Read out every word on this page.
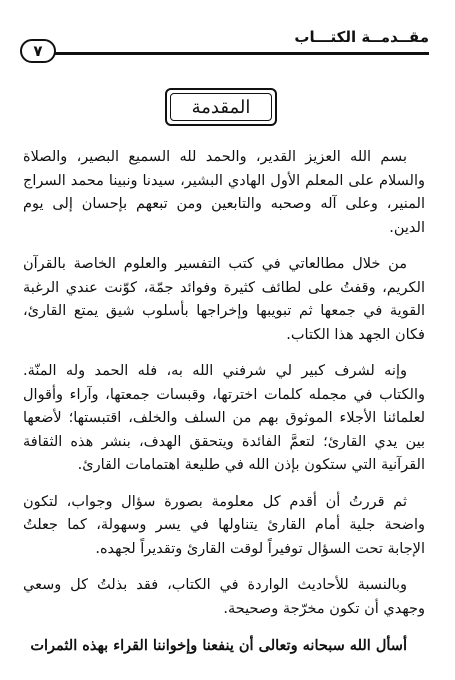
مقــدمــة الكتـــاب
٧
المقدمة

بسم الله العزيز القدير، والحمد لله السميع البصير، والصلاة والسلام على المعلم الأول الهادي البشير، سيدنا ونبينا محمد السراج المنير، وعلى آله وصحبه والتابعين ومن تبعهم بإحسان إلى يوم الدين.

من خلال مطالعاتي في كتب التفسير والعلوم الخاصة بالقرآن الكريم، وقفتُ على لطائف كثيرة وفوائد جمّة، كوّنت عندي الرغبة القوية في جمعها ثم تبويبها وإخراجها بأسلوب شيق يمتع القارئ، فكان الجهد هذا الكتاب.

وإنه لشرف كبير لي شرفني الله به، فله الحمد وله المنّة. والكتاب في مجمله كلمات اخترتها، وقبسات جمعتها، وآراء وأقوال لعلمائنا الأجلاء الموثوق بهم من السلف والخلف، اقتبستها؛ لأضعها بين يدي القارئ؛ لتعمَّ الفائدة ويتحقق الهدف، بنشر هذه الثقافة القرآنية التي ستكون بإذن الله في طليعة اهتمامات القارئ.

ثم قررتُ أن أقدم كل معلومة بصورة سؤال وجواب، لتكون واضحة جلية أمام القارئ يتناولها في يسر وسهولة، كما جعلتُ الإجابة تحت السؤال توفيراً لوقت القارئ وتقديراً لجهده.

وبالنسبة للأحاديث الواردة في الكتاب، فقد بذلتُ كل وسعي وجهدي أن تكون مخرّجة وصحيحة.

أسأل الله سبحانه وتعالى أن ينفعنا وإخواننا القراء بهذه الثمرات
